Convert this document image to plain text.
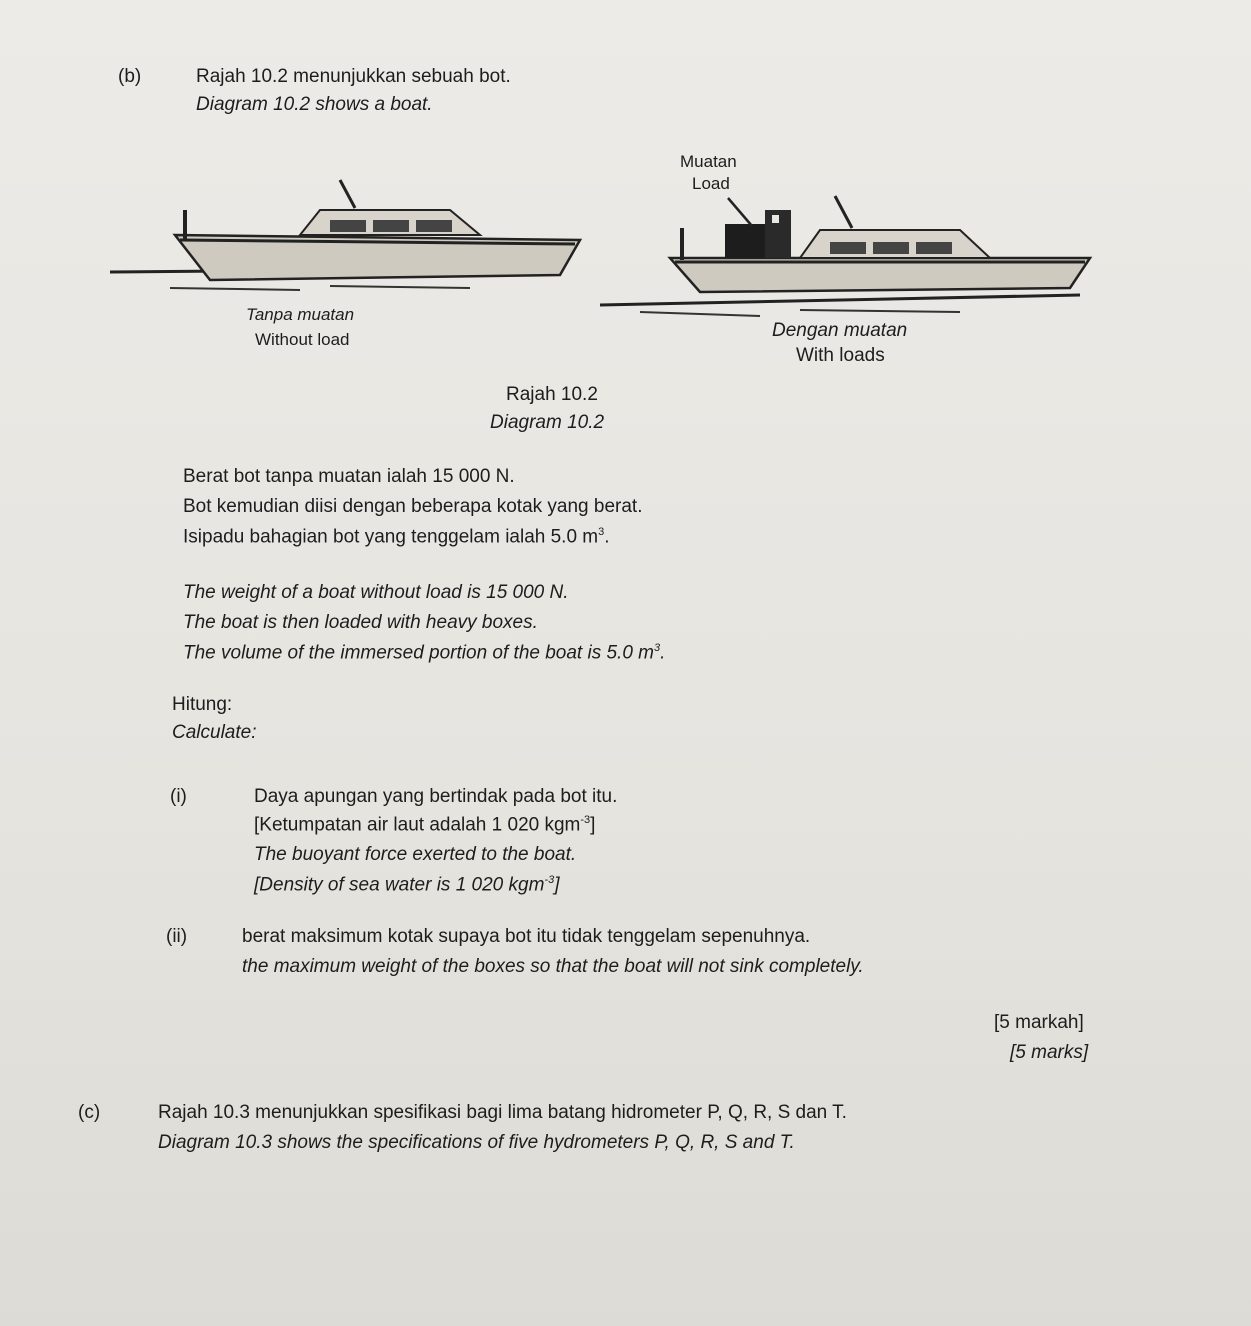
(b)	Rajah 10.2 menunjukkan sebuah bot.
Diagram 10.2 shows a boat.
Muatan
Load
Tanpa muatan
Without load	Dengan muatan
With loads
Rajah 10.2
Diagram 10.2
Berat bot tanpa muatan ialah 15 000 N.
Bot kemudian diisi dengan beberapa kotak yang berat.
Isipadu bahagian bot yang tenggelam ialah 5.0 $m^3$.
The weight of a boat without load is 15 000 N.
The boat is then loaded with heavy boxes.
The volume of the immersed portion of the boat is 5.0 $m^3$.
Hitung:
Calculate:
(i)	Daya apungan yang bertindak pada bot itu.
[Ketumpatan air laut adalah 1 020 kgm$^{-3}$]
The buoyant force exerted to the boat.
[Density of sea water is 1 020 kgm$^{-3}$]
(ii)	berat maksimum kotak supaya bot itu tidak tenggelam sepenuhnya.
the maximum weight of the boxes so that the boat will not sink completely.
[5 markah]
[5 marks]
(c)	Rajah 10.3 menunjukkan spesifikasi bagi lima batang hidrometer P, Q, R, S dan T.
Diagram 10.3 shows the specifications of five hydrometers P, Q, R, S and T.
